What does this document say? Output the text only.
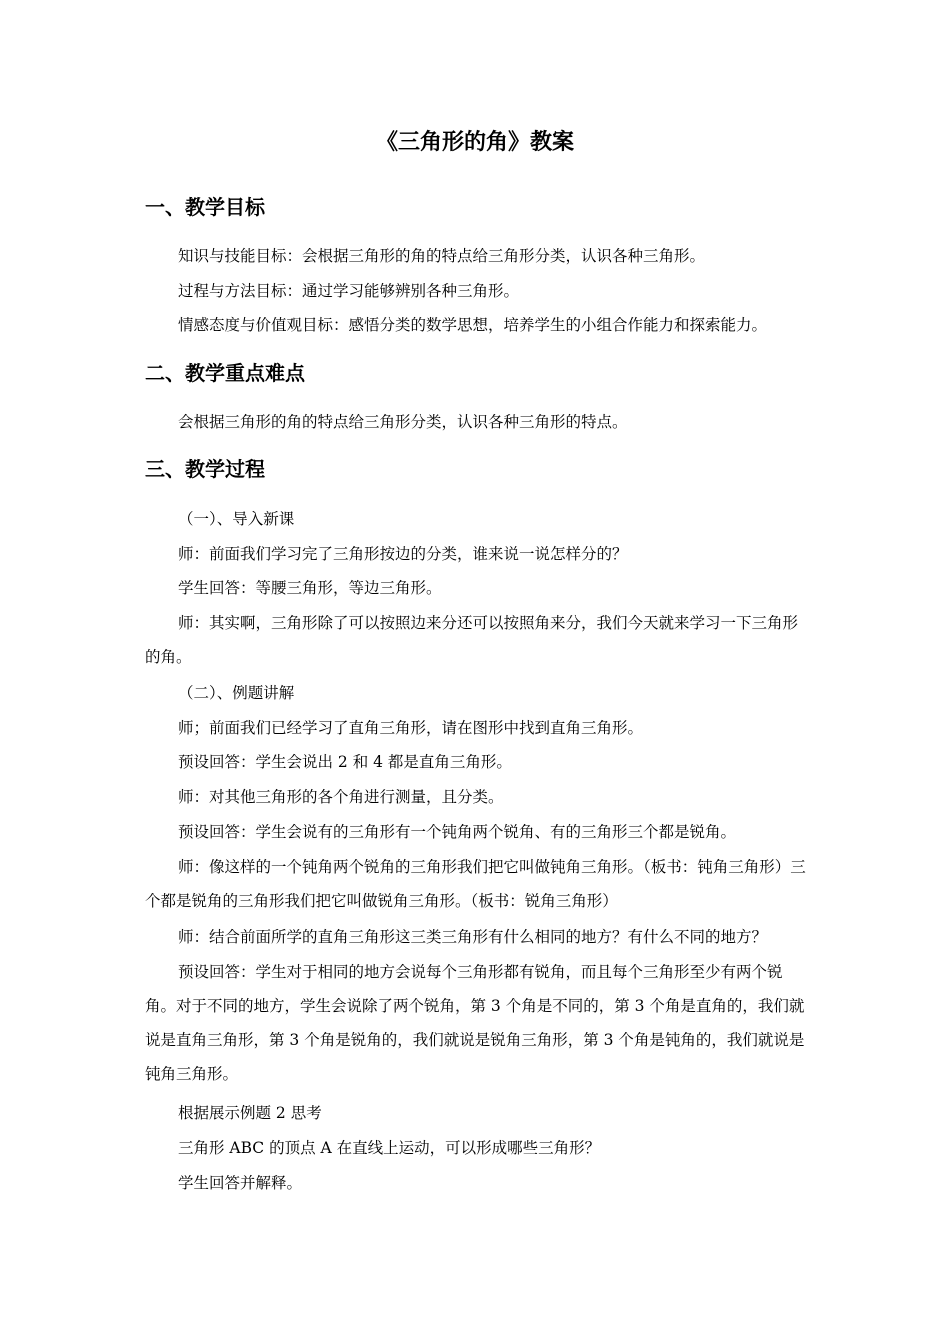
《三角形的角》教案
一、教学目标

知识与技能目标：会根据三角形的角的特点给三角形分类，认识各种三角形。

过程与方法目标：通过学习能够辨别各种三角形。

情感态度与价值观目标：感悟分类的数学思想，培养学生的小组合作能力和探索能力。

二、教学重点难点

会根据三角形的角的特点给三角形分类，认识各种三角形的特点。

三、教学过程

（一）、导入新课

师：前面我们学习完了三角形按边的分类，谁来说一说怎样分的？

学生回答：等腰三角形，等边三角形。

师：其实啊，三角形除了可以按照边来分还可以按照角来分，我们今天就来学习一下三角形的角。

（二）、例题讲解

师；前面我们已经学习了直角三角形，请在图形中找到直角三角形。

预设回答：学生会说出 2 和 4 都是直角三角形。

师：对其他三角形的各个角进行测量，且分类。

预设回答：学生会说有的三角形有一个钝角两个锐角、有的三角形三个都是锐角。

师：像这样的一个钝角两个锐角的三角形我们把它叫做钝角三角形。（板书：钝角三角形）三个都是锐角的三角形我们把它叫做锐角三角形。（板书：锐角三角形）

师：结合前面所学的直角三角形这三类三角形有什么相同的地方？有什么不同的地方？

预设回答：学生对于相同的地方会说每个三角形都有锐角，而且每个三角形至少有两个锐角。对于不同的地方，学生会说除了两个锐角，第 3 个角是不同的，第 3 个角是直角的，我们就说是直角三角形，第 3 个角是锐角的，我们就说是锐角三角形，第 3 个角是钝角的，我们就说是钝角三角形。

根据展示例题 2 思考

三角形 ABC 的顶点 A 在直线上运动，可以形成哪些三角形？

学生回答并解释。
